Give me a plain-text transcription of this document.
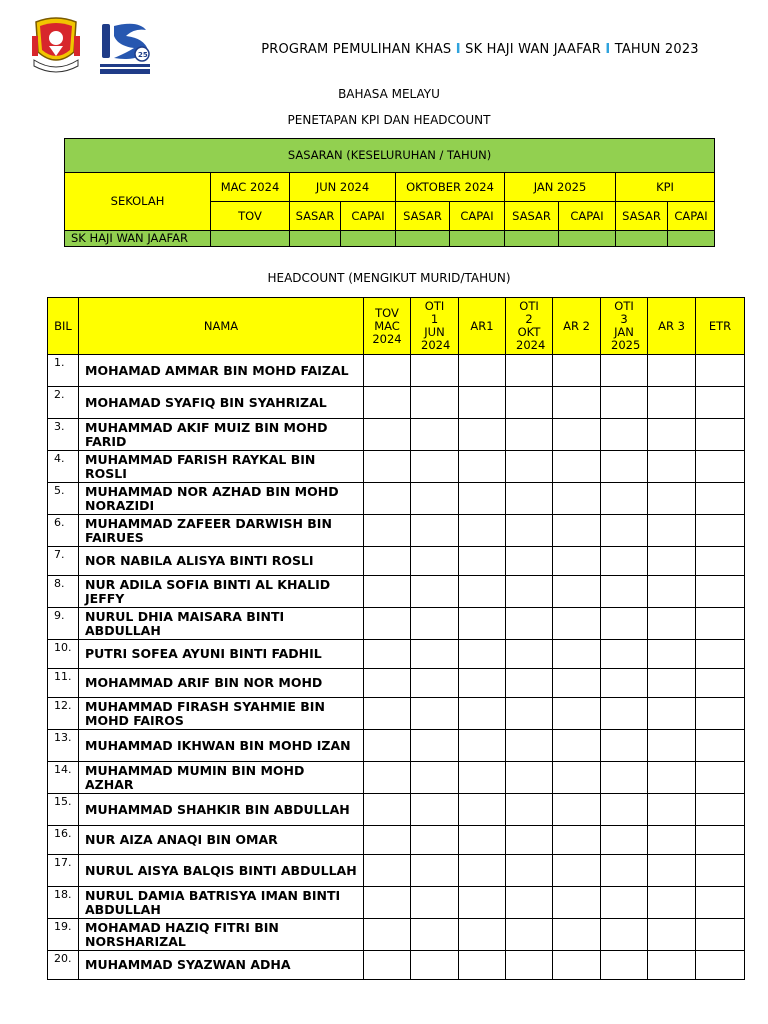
25	PROGRAM PEMULIHAN KHAS I SK HAJI WAN JAAFAR I TAHUN 2023
BAHASA MELAYU
PENETAPAN KPI DAN HEADCOUNT
SASARAN (KESELURUHAN / TAHUN)									
SEKOLAH	MAC 2024	JUN 2024		OKTOBER 2024		JAN 2025		KPI	
	TOV	SASAR	CAPAI	SASAR	CAPAI	SASAR	CAPAI	SASAR	CAPAI
SK HAJI WAN JAAFAR									
HEADCOUNT (MENGIKUT MURID/TAHUN)
BIL	NAMA	TOV MAC 2024	OTI 1 JUN 2024	AR1	OTI 2 OKT 2024	AR 2	OTI 3 JAN 2025	AR 3	ETR
1.	MOHAMAD AMMAR BIN MOHD FAIZAL								
2.	MOHAMAD SYAFIQ BIN SYAHRIZAL								
3.	MUHAMMAD AKIF MUIZ BIN MOHD FARID								
4.	MUHAMMAD FARISH RAYKAL BIN ROSLI								
5.	MUHAMMAD NOR AZHAD BIN MOHD NORAZIDI								
6.	MUHAMMAD ZAFEER DARWISH BIN FAIRUES								
7.	NOR NABILA ALISYA BINTI ROSLI								
8.	NUR ADILA SOFIA BINTI AL KHALID JEFFY								
9.	NURUL DHIA MAISARA BINTI ABDULLAH								
10.	PUTRI SOFEA AYUNI BINTI FADHIL								
11.	MOHAMMAD ARIF BIN NOR MOHD								
12.	MUHAMMAD FIRASH SYAHMIE BIN MOHD FAIROS								
13.	MUHAMMAD IKHWAN BIN MOHD IZAN								
14.	MUHAMMAD MUMIN BIN MOHD AZHAR								
15.	MUHAMMAD SHAHKIR BIN ABDULLAH								
16.	NUR AIZA ANAQI BIN OMAR								
17.	NURUL AISYA BALQIS BINTI ABDULLAH								
18.	NURUL DAMIA BATRISYA IMAN BINTI ABDULLAH								
19.	MOHAMAD HAZIQ FITRI BIN NORSHARIZAL								
20.	MUHAMMAD SYAZWAN ADHA								
